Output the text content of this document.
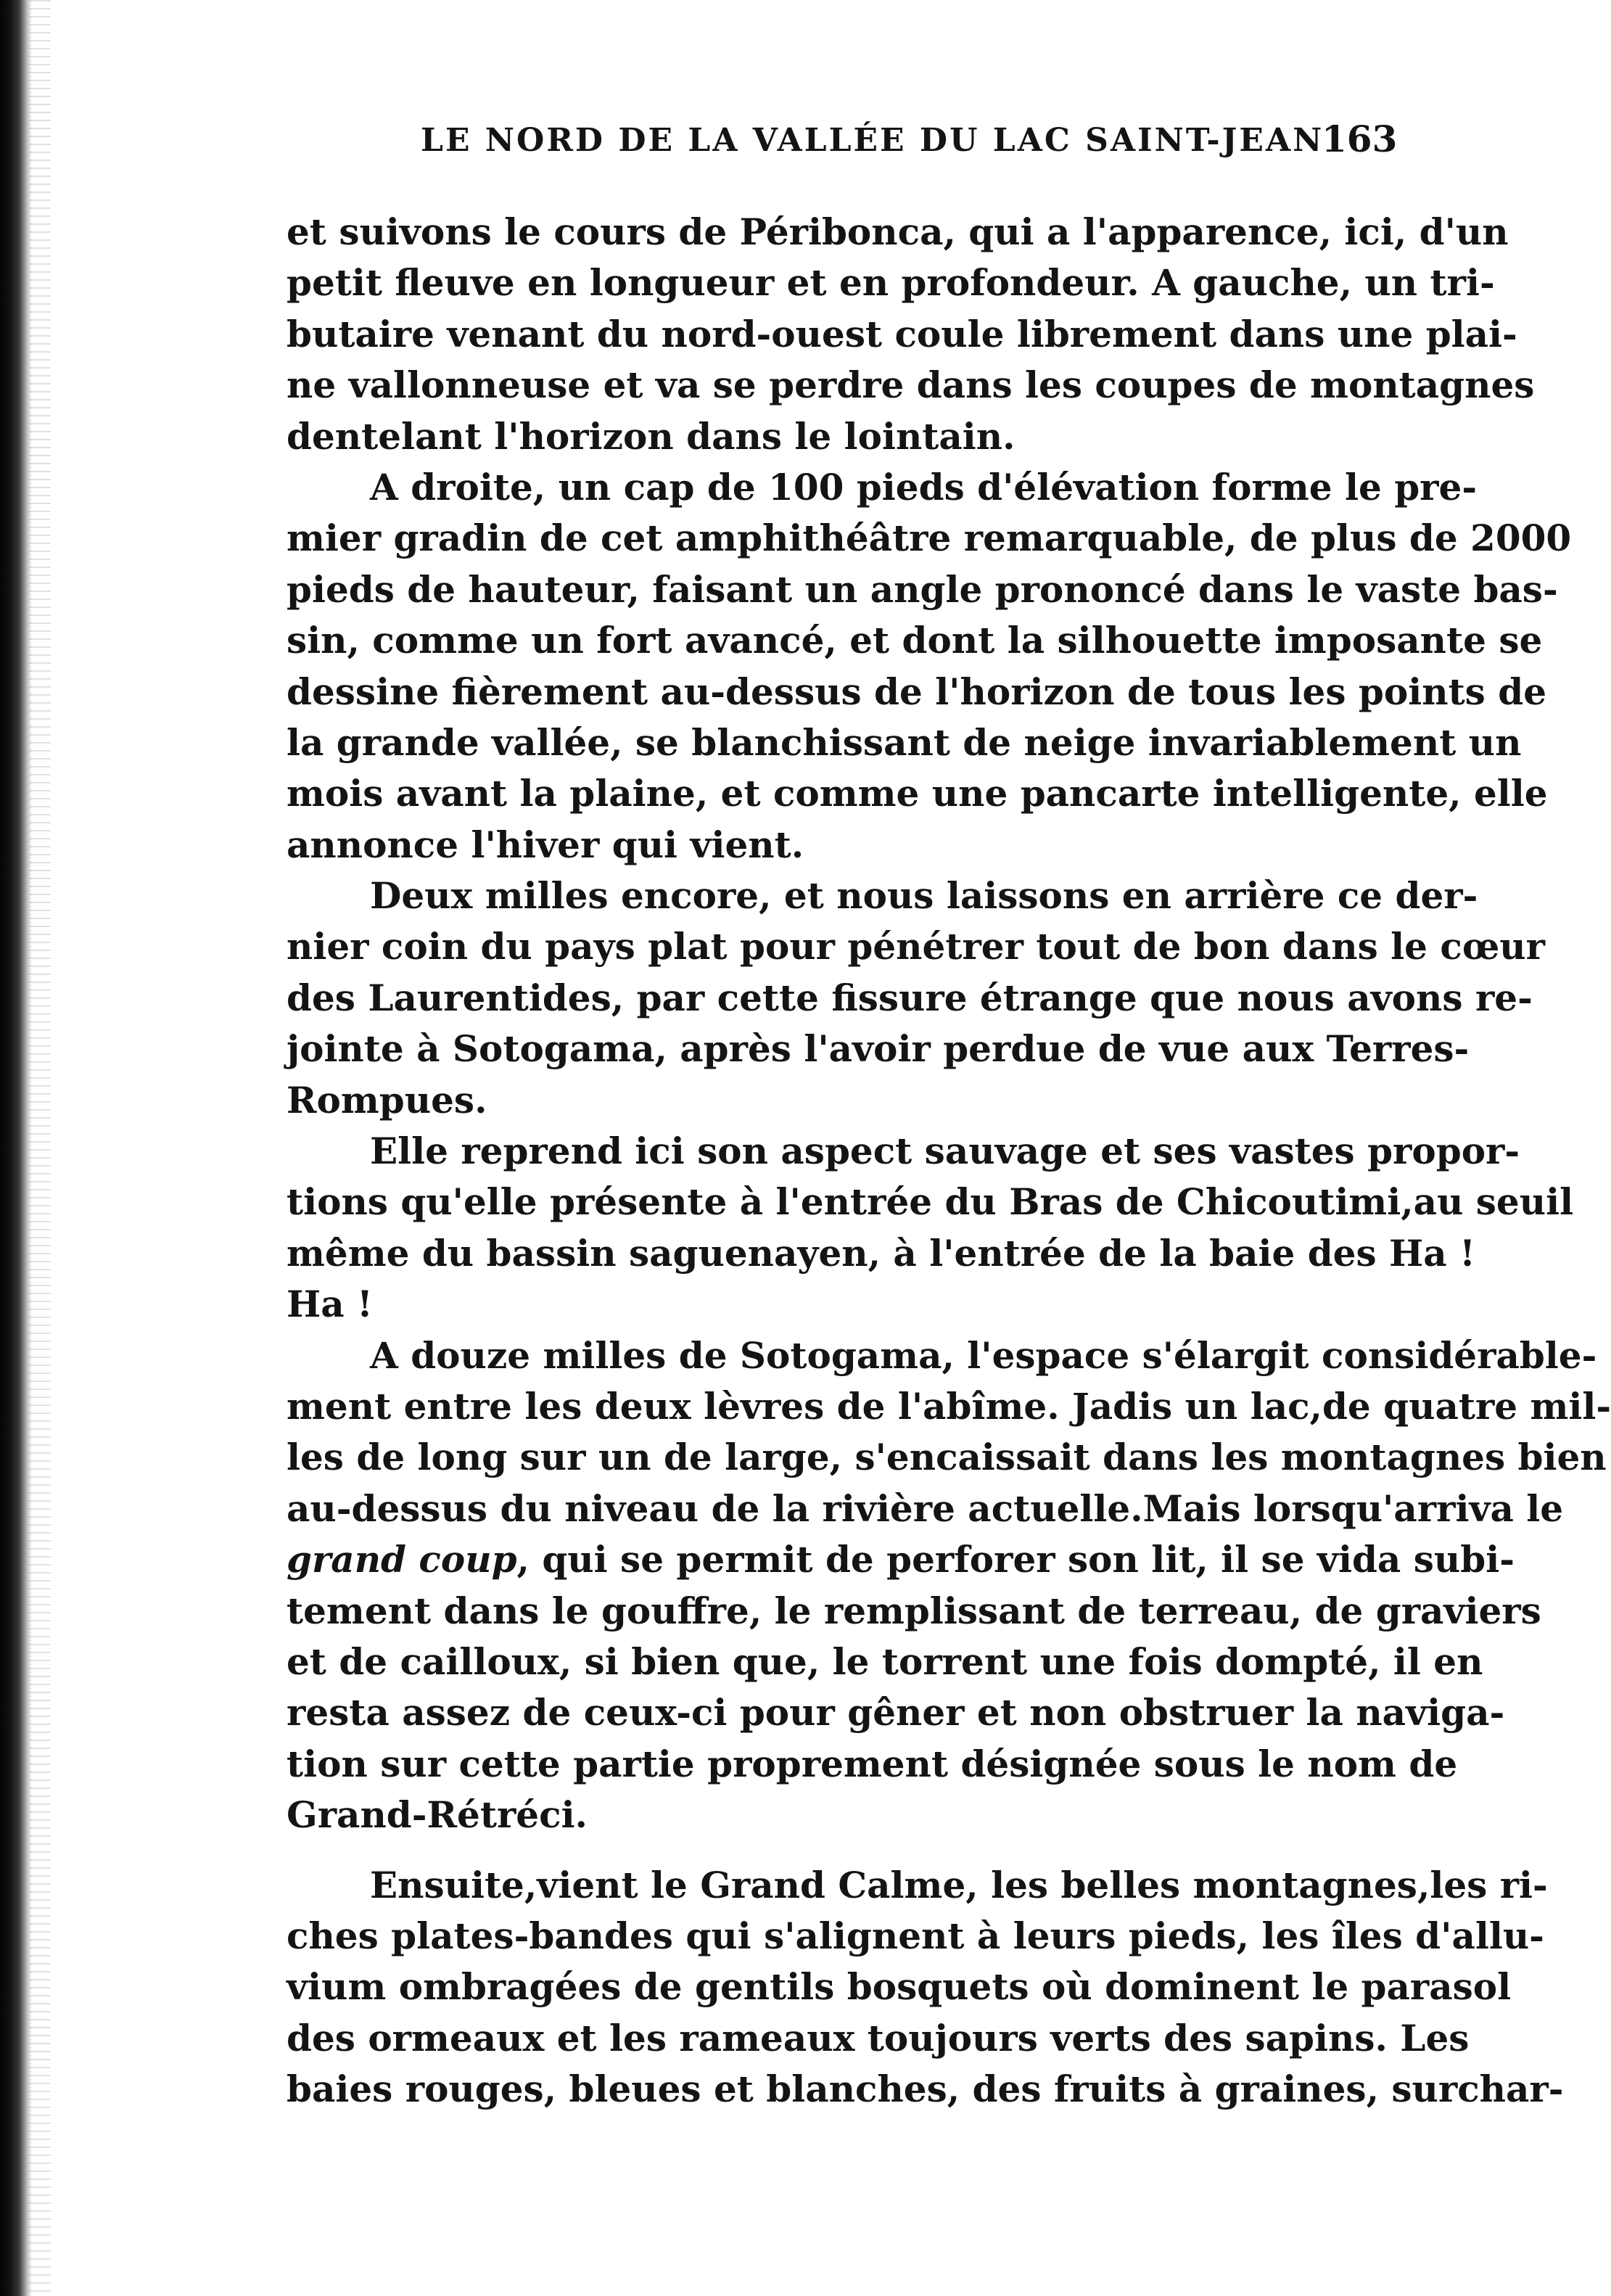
LE NORD DE LA VALLÉE DU LAC SAINT-JEAN
163
et suivons le cours de Péribonca, qui a l'apparence, ici, d'un
petit fleuve en longueur et en profondeur. A gauche, un tri-
butaire venant du nord-ouest coule librement dans une plai-
ne vallonneuse et va se perdre dans les coupes de montagnes
dentelant l'horizon dans le lointain.
A droite, un cap de 100 pieds d'élévation forme le pre-
mier gradin de cet amphithéâtre remarquable, de plus de 2000
pieds de hauteur, faisant un angle prononcé dans le vaste bas-
sin, comme un fort avancé, et dont la silhouette imposante se
dessine fièrement au-dessus de l'horizon de tous les points de
la grande vallée, se blanchissant de neige invariablement un
mois avant la plaine, et comme une pancarte intelligente, elle
annonce l'hiver qui vient.
Deux milles encore, et nous laissons en arrière ce der-
nier coin du pays plat pour pénétrer tout de bon dans le cœur
des Laurentides, par cette fissure étrange que nous avons re-
jointe à Sotogama, après l'avoir perdue de vue aux Terres-
Rompues.
Elle reprend ici son aspect sauvage et ses vastes propor-
tions qu'elle présente à l'entrée du Bras de Chicoutimi,au seuil
même du bassin saguenayen, à l'entrée de la baie des Ha !
Ha !
A douze milles de Sotogama, l'espace s'élargit considérable-
ment entre les deux lèvres de l'abîme. Jadis un lac,de quatre mil-
les de long sur un de large, s'encaissait dans les montagnes bien
au-dessus du niveau de la rivière actuelle.Mais lorsqu'arriva le
grand coup, qui se permit de perforer son lit, il se vida subi-
tement dans le gouffre, le remplissant de terreau, de graviers
et de cailloux, si bien que, le torrent une fois dompté, il en
resta assez de ceux-ci pour gêner et non obstruer la naviga-
tion sur cette partie proprement désignée sous le nom de
Grand-Rétréci.
Ensuite,vient le Grand Calme, les belles montagnes,les ri-
ches plates-bandes qui s'alignent à leurs pieds, les îles d'allu-
vium ombragées de gentils bosquets où dominent le parasol
des ormeaux et les rameaux toujours verts des sapins. Les
baies rouges, bleues et blanches, des fruits à graines, surchar-
